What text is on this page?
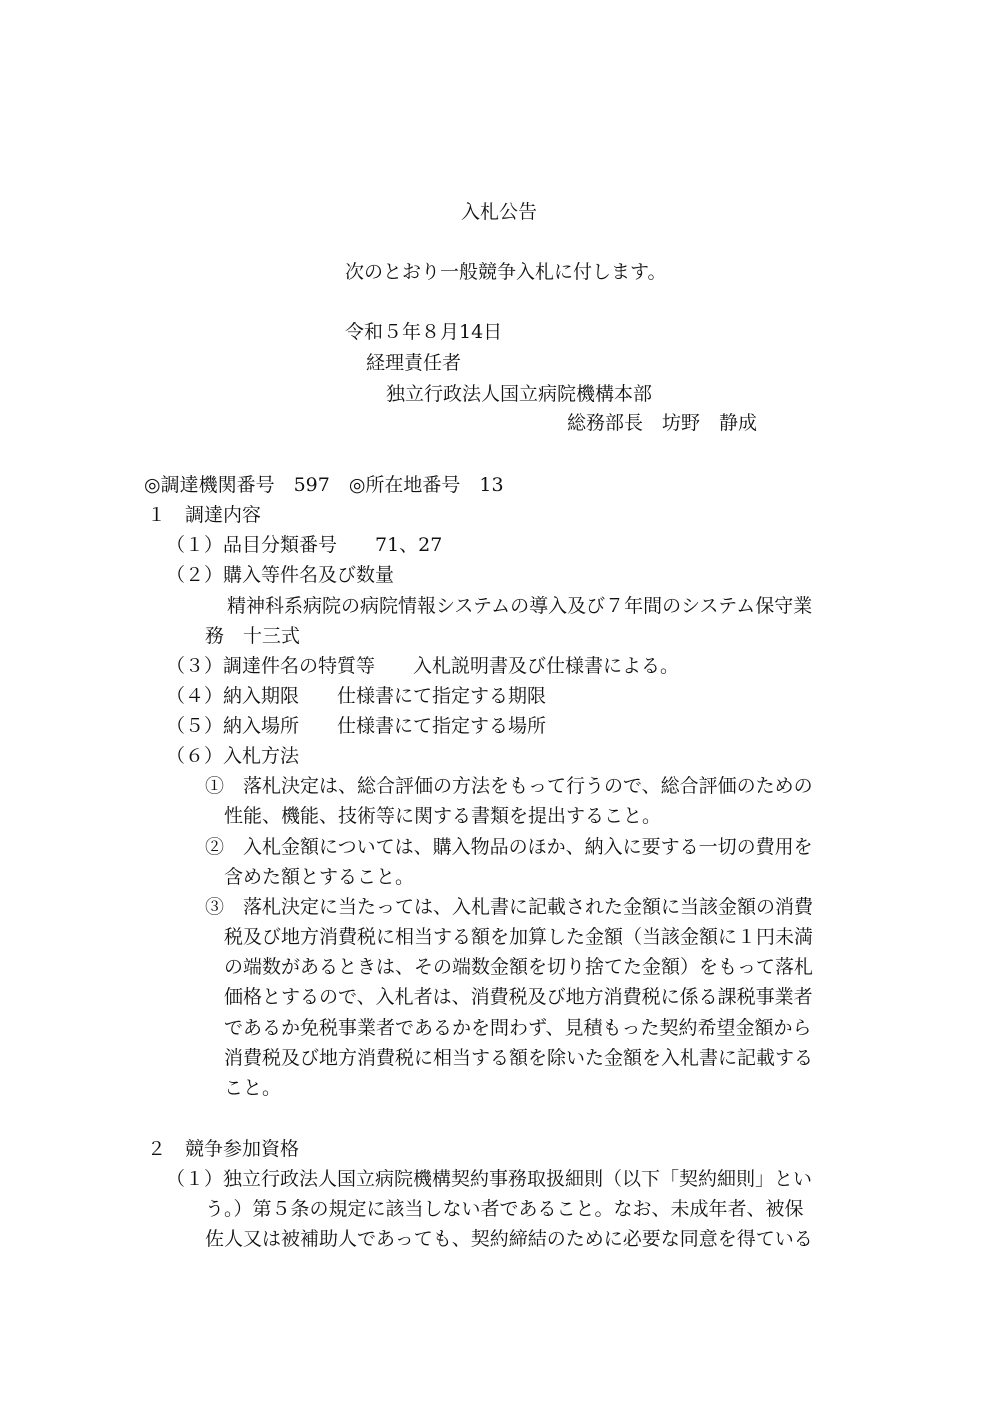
入札公告

次のとおり一般競争入札に付します。

令和５年８月14日

経理責任者

独立行政法人国立病院機構本部

総務部長　坊野　静成

◎調達機関番号　597　◎所在地番号　13

１　調達内容

（１）品目分類番号　　71、27

（２）購入等件名及び数量

精神科系病院の病院情報システムの導入及び７年間のシステム保守業

務　十三式

（３）調達件名の特質等　　入札説明書及び仕様書による。

（４）納入期限　　仕様書にて指定する期限

（５）納入場所　　仕様書にて指定する場所

（６）入札方法

①　落札決定は、総合評価の方法をもって行うので、総合評価のための

性能、機能、技術等に関する書類を提出すること。

②　入札金額については、購入物品のほか、納入に要する一切の費用を

含めた額とすること。

③　落札決定に当たっては、入札書に記載された金額に当該金額の消費

税及び地方消費税に相当する額を加算した金額（当該金額に１円未満

の端数があるときは、その端数金額を切り捨てた金額）をもって落札

価格とするので、入札者は、消費税及び地方消費税に係る課税事業者

であるか免税事業者であるかを問わず、見積もった契約希望金額から

消費税及び地方消費税に相当する額を除いた金額を入札書に記載する

こと。

２　競争参加資格

（１）独立行政法人国立病院機構契約事務取扱細則（以下「契約細則」とい

う。）第５条の規定に該当しない者であること。なお、未成年者、被保

佐人又は被補助人であっても、契約締結のために必要な同意を得ている
